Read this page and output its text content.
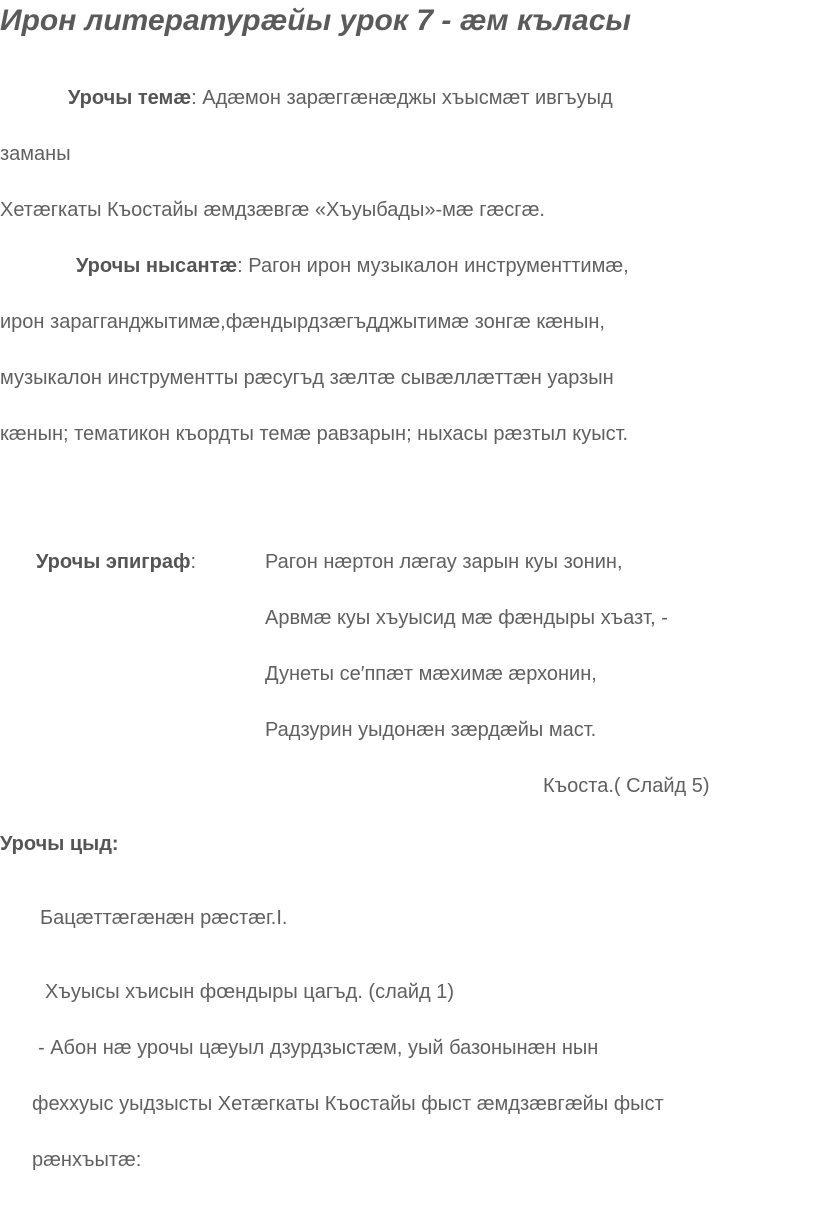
Ирон литературæйы урок 7 - æм къласы
Урочы темæ: Адæмон зарæггæнæджы хъысмæт ивгъуыд
заманы
Хетæгкаты Къостайы æмдзæвгæ «Хъуыбады»-мæ гæсгæ.
Урочы нысантæ: Рагон ирон музыкалон инструменттимæ,
ирон зарагганджытимæ,фæндырдзæгъдджытимæ зонгæ кæнын,
музыкалон инструментты рæсугъд зæлтæ сывæллæттæн уарзын
кæнын; тематикон къордты темæ равзарын; ныхасы рæзтыл куыст.
Урочы эпиграф:	Рагон нæртон лæгау зарын куы зонин,
Арвмæ куы хъуысид мæ фæндыры хъазт, -
Дунеты се′ппæт мæхимæ æрхонин,
Радзурин уыдонæн зæрдæйы маст.
Къоста.( Слайд 5)
Урочы цыд:
Бацæттæгæнæн рæстæг.I.
Хъуысы хъисын фœндыры цагъд. (слайд 1)
- Абон нæ урочы цæуыл дзурдзыстæм, уый базонынæн нын
феххуыс уыдзысты Хетæгкаты Къостайы фыст æмдзæвгæйы фыст
рæнхъытæ:
